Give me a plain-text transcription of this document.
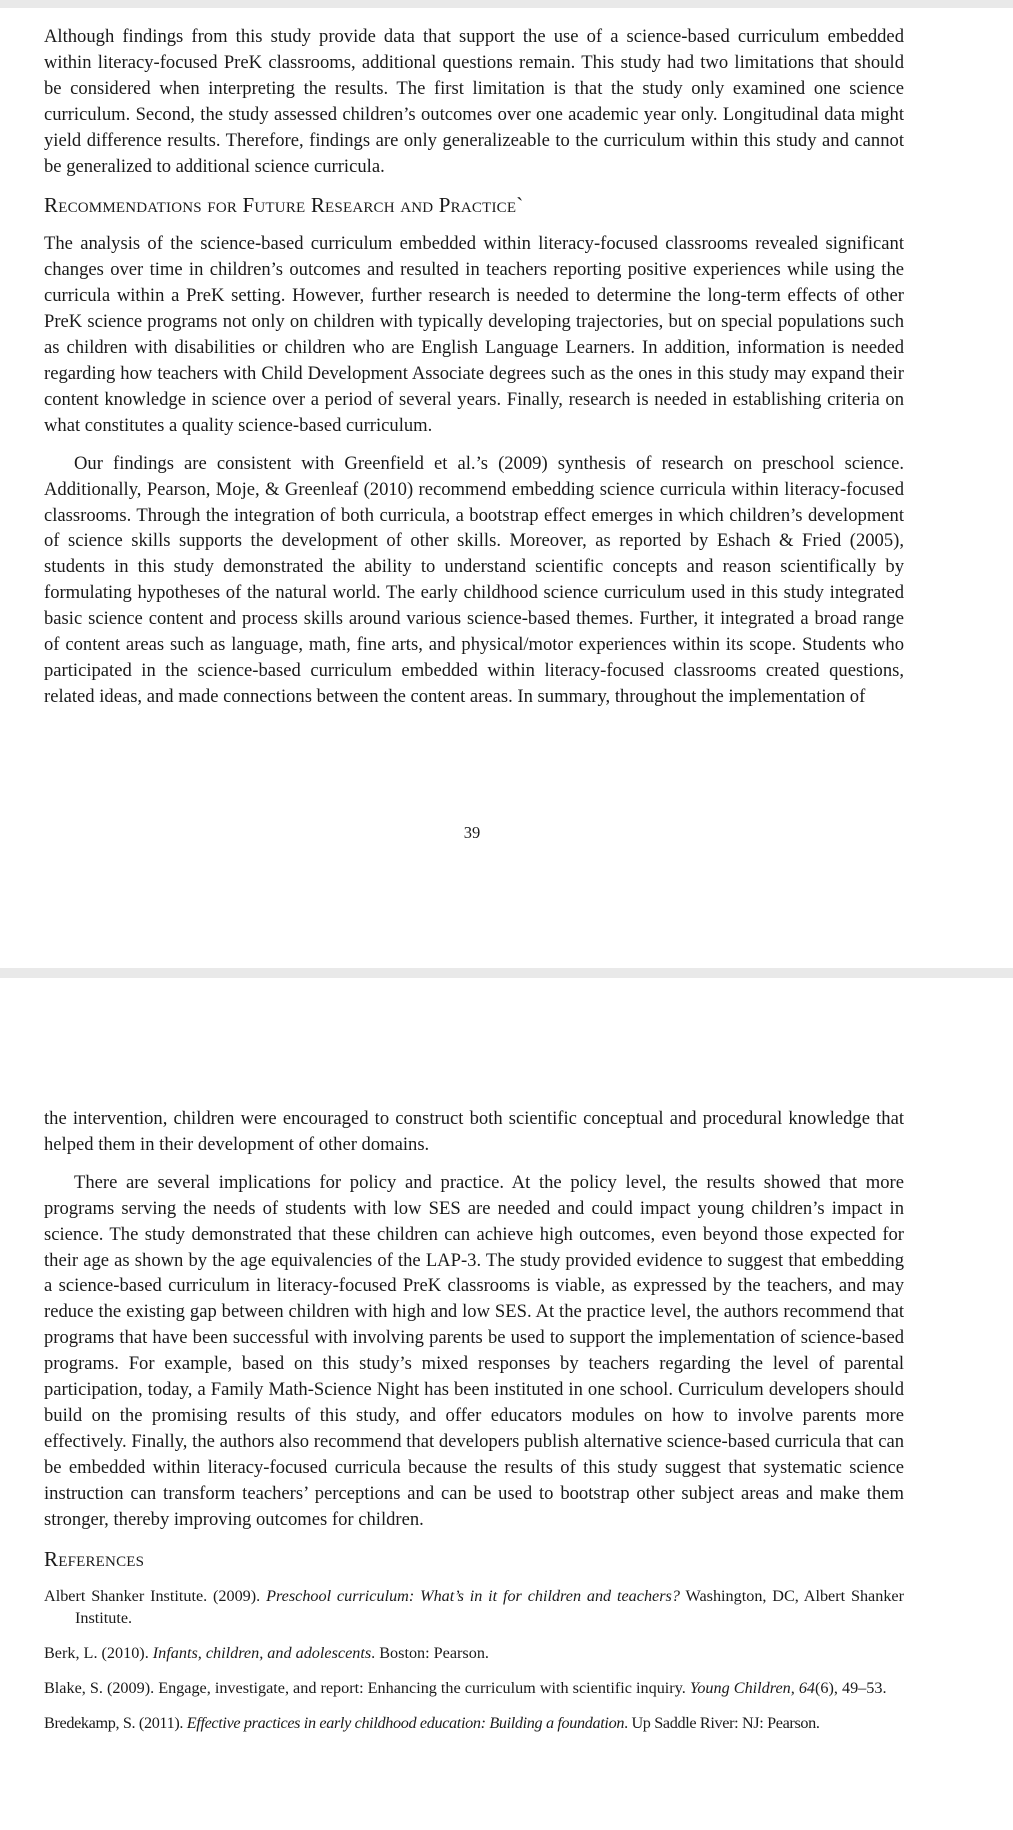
Although findings from this study provide data that support the use of a science-based curriculum embedded within literacy-focused PreK classrooms, additional questions remain. This study had two limitations that should be considered when interpreting the results. The first limitation is that the study only examined one science curriculum. Second, the study assessed children’s outcomes over one academic year only. Longitudinal data might yield difference results. Therefore, findings are only generalizeable to the curriculum within this study and cannot be generalized to additional science curricula.

Recommendations for Future Research and Practice`

The analysis of the science-based curriculum embedded within literacy-focused classrooms revealed significant changes over time in children’s outcomes and resulted in teachers reporting positive experiences while using the curricula within a PreK setting. However, further research is needed to determine the long-term effects of other PreK science programs not only on children with typically developing trajectories, but on special populations such as children with disabilities or children who are English Language Learners. In addition, information is needed regarding how teachers with Child Development Associate degrees such as the ones in this study may expand their content knowledge in science over a period of several years. Finally, research is needed in establishing criteria on what constitutes a quality science-based curriculum.

Our findings are consistent with Greenfield et al.’s (2009) synthesis of research on preschool science. Additionally, Pearson, Moje, & Greenleaf (2010) recommend embedding science curricula within literacy-focused classrooms. Through the integration of both curricula, a bootstrap effect emerges in which children’s development of science skills supports the development of other skills. Moreover, as reported by Eshach & Fried (2005), students in this study demonstrated the ability to understand scientific concepts and reason scientifically by formulating hypotheses of the natural world. The early childhood science curriculum used in this study integrated basic science content and process skills around various science-based themes. Further, it integrated a broad range of content areas such as language, math, fine arts, and physical/motor experiences within its scope. Students who participated in the science-based curriculum embedded within literacy-focused classrooms created questions, related ideas, and made connections between the content areas. In summary, throughout the implementation of

39

the intervention, children were encouraged to construct both scientific conceptual and procedural knowledge that helped them in their development of other domains.

There are several implications for policy and practice. At the policy level, the results showed that more programs serving the needs of students with low SES are needed and could impact young children’s impact in science. The study demonstrated that these children can achieve high outcomes, even beyond those expected for their age as shown by the age equivalencies of the LAP-3. The study provided evidence to suggest that embedding a science-based curriculum in literacy-focused PreK classrooms is viable, as expressed by the teachers, and may reduce the existing gap between children with high and low SES. At the practice level, the authors recommend that programs that have been successful with involving parents be used to support the implementation of science-based programs. For example, based on this study’s mixed responses by teachers regarding the level of parental participation, today, a Family Math-Science Night has been instituted in one school. Curriculum developers should build on the promising results of this study, and offer educators modules on how to involve parents more effectively. Finally, the authors also recommend that developers publish alternative science-based curricula that can be embedded within literacy-focused curricula because the results of this study suggest that systematic science instruction can transform teachers’ perceptions and can be used to bootstrap other subject areas and make them stronger, thereby improving outcomes for children.

References

Albert Shanker Institute. (2009). Preschool curriculum: What’s in it for children and teachers? Washington, DC, Albert Shanker Institute.

Berk, L. (2010). Infants, children, and adolescents. Boston: Pearson.

Blake, S. (2009). Engage, investigate, and report: Enhancing the curriculum with scientific inquiry. Young Children, 64(6), 49–53.

Bredekamp, S. (2011). Effective practices in early childhood education: Building a foundation. Up Saddle River: NJ: Pearson.
